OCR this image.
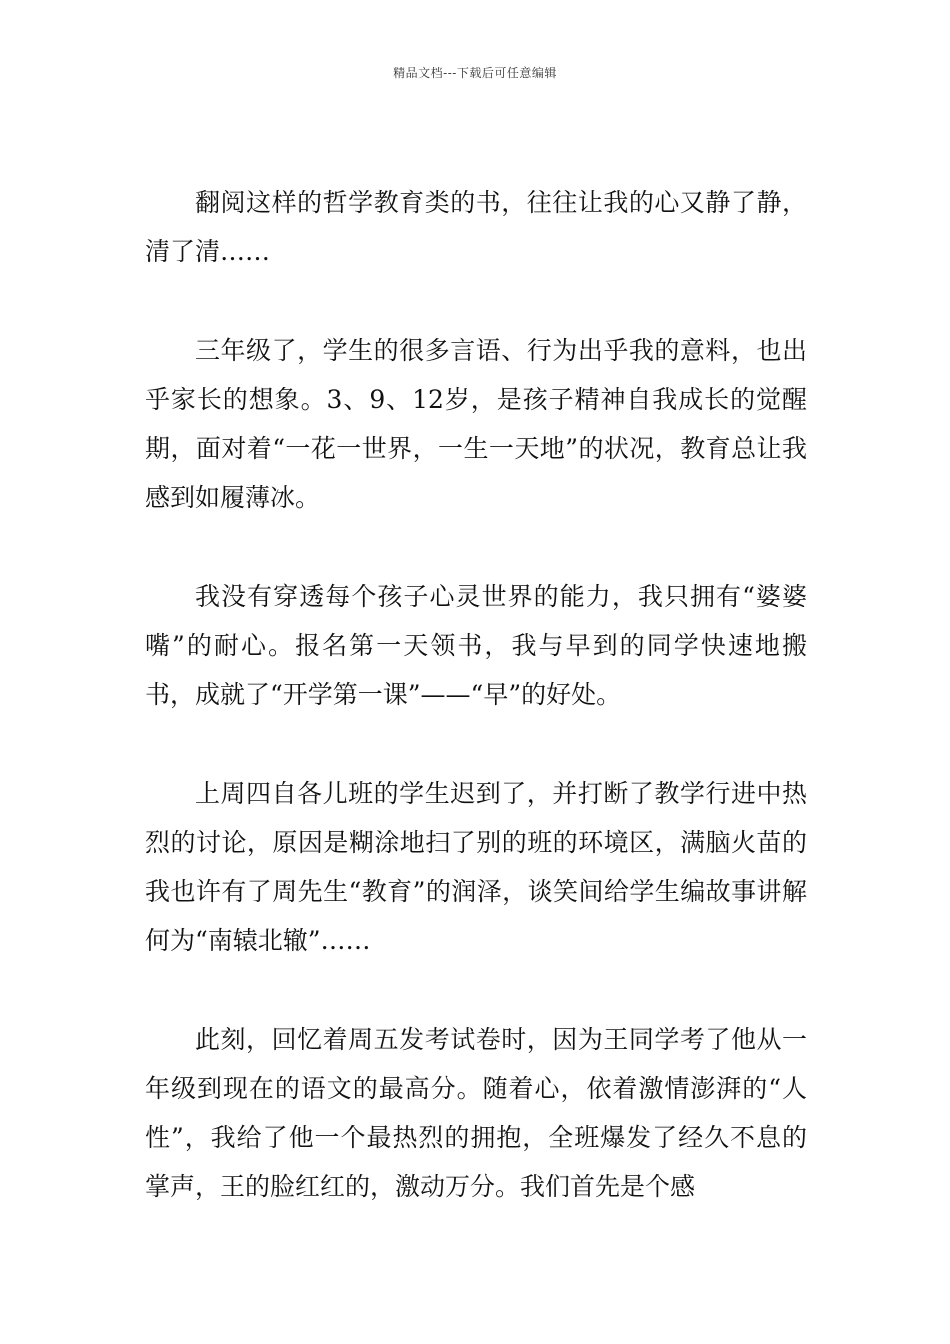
精品文档---下载后可任意编辑

翻阅这样的哲学教育类的书，往往让我的心又静了静，清了清……

三年级了，学生的很多言语、行为出乎我的意料，也出乎家长的想象。3、9、12岁，是孩子精神自我成长的觉醒期，面对着“一花一世界，一生一天地”的状况，教育总让我感到如履薄冰。

我没有穿透每个孩子心灵世界的能力，我只拥有“婆婆嘴”的耐心。报名第一天领书，我与早到的同学快速地搬书，成就了“开学第一课”——“早”的好处。

上周四自各儿班的学生迟到了，并打断了教学行进中热烈的讨论，原因是糊涂地扫了别的班的环境区，满脑火苗的我也许有了周先生“教育”的润泽，谈笑间给学生编故事讲解何为“南辕北辙”……

此刻，回忆着周五发考试卷时，因为王同学考了他从一年级到现在的语文的最高分。随着心，依着激情澎湃的“人性”，我给了他一个最热烈的拥抱，全班爆发了经久不息的掌声，王的脸红红的，激动万分。我们首先是个感
